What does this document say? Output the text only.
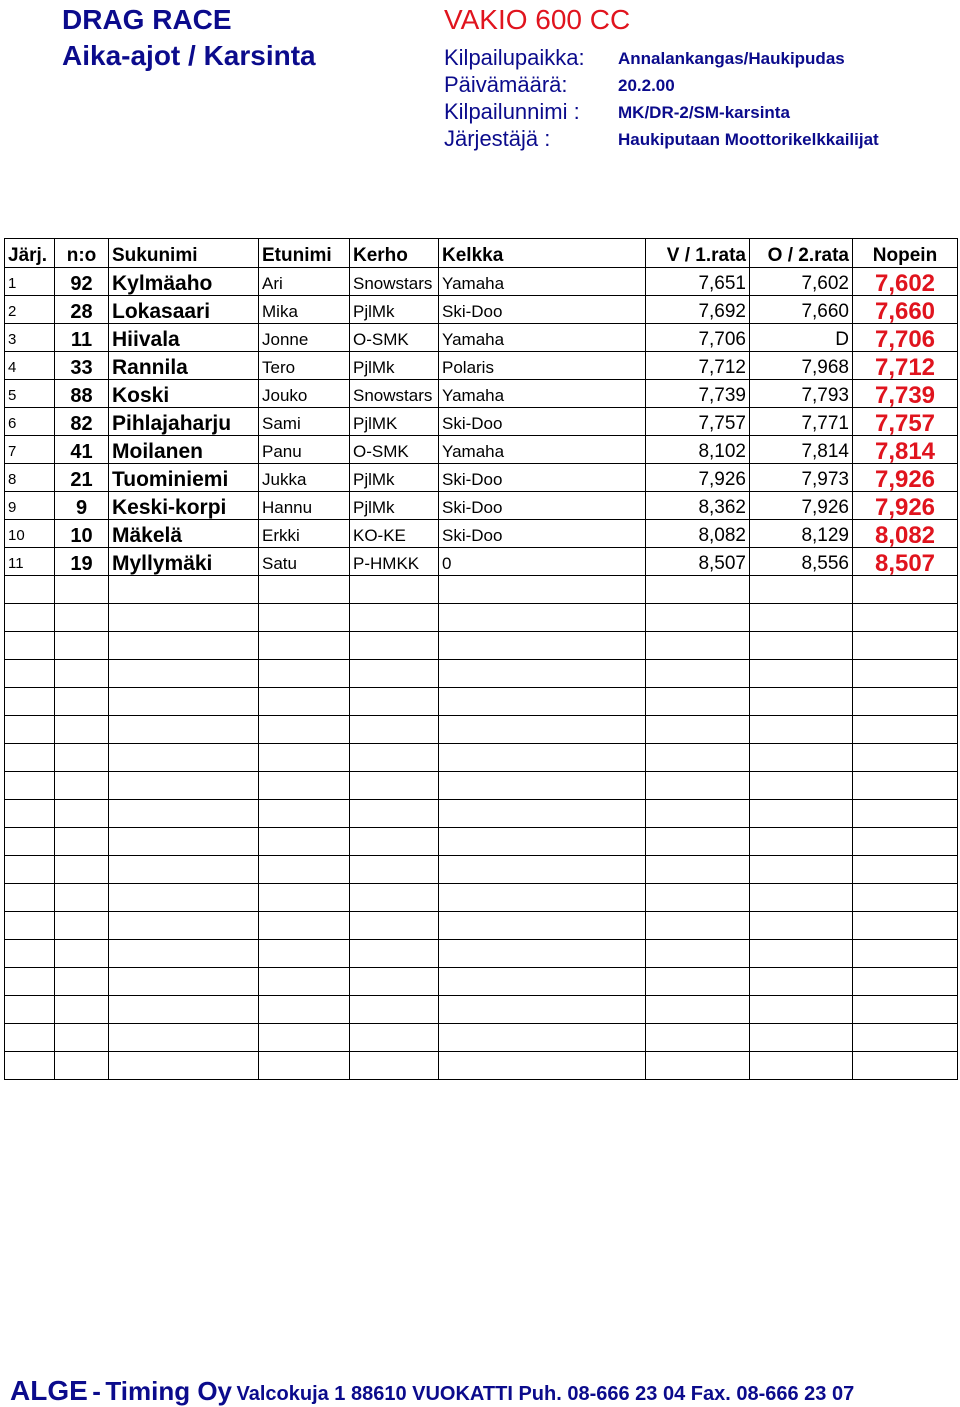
DRAG RACE
Aika-ajot / Karsinta
VAKIO 600 CC
Kilpailupaikka: Annalankangas/Haukipudas
Päivämäärä:	20.2.00
Kilpailunnimi : MK/DR-2/SM-karsinta
Järjestäjä :	Haukiputaan Moottorikelkkailijat
Järj.	n:o	Sukunimi	Etunimi	Kerho	Kelkka	V / 1.rata	O / 2.rata	Nopein
1	92	Kylmäaho	Ari	Snowstars	Yamaha	7,651	7,602	7,602
2	28	Lokasaari	Mika	PjlMk	Ski-Doo	7,692	7,660	7,660
3	11	Hiivala	Jonne	O-SMK	Yamaha	7,706	D	7,706
4	33	Rannila	Tero	PjlMk	Polaris	7,712	7,968	7,712
5	88	Koski	Jouko	Snowstars	Yamaha	7,739	7,793	7,739
6	82	Pihlajaharju	Sami	PjlMK	Ski-Doo	7,757	7,771	7,757
7	41	Moilanen	Panu	O-SMK	Yamaha	8,102	7,814	7,814
8	21	Tuominiemi	Jukka	PjlMk	Ski-Doo	7,926	7,973	7,926
9	9	Keski-korpi	Hannu	PjlMk	Ski-Doo	8,362	7,926	7,926
10	10	Mäkelä	Erkki	KO-KE	Ski-Doo	8,082	8,129	8,082
11	19	Myllymäki	Satu	P-HMKK	0	8,507	8,556	8,507

ALGE - Timing Oy Valcokuja 1 88610 VUOKATTI Puh. 08-666 23 04 Fax. 08-666 23 07
